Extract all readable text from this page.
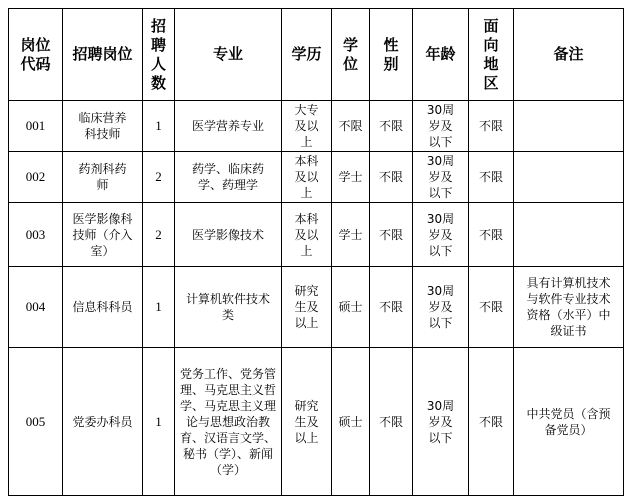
岗位代码	招聘岗位	招聘人数	专业	学历	学位	性别	年龄	面向地区	备注

001	临床营养科技师	1	医学营养专业	大专及以上	不限	不限	30周岁及以下	不限	
002	药剂科药师	2	药学、临床药学、药理学	本科及以上	学士	不限	30周岁及以下	不限	
003	医学影像科技师（介入室）	2	医学影像技术	本科及以上	学士	不限	30周岁及以下	不限	
004	信息科科员	1	计算机软件技术类	研究生及以上	硕士	不限	30周岁及以下	不限	具有计算机技术与软件专业技术资格（水平）中级证书

005	党委办科员	1	党务工作、党务管理、马克思主义哲学、马克思主义理论与思想政治教育、汉语言文学、秘书（学）、新闻（学）	研究生及以上	硕士	不限	30周岁及以下	不限	中共党员（含预备党员）
